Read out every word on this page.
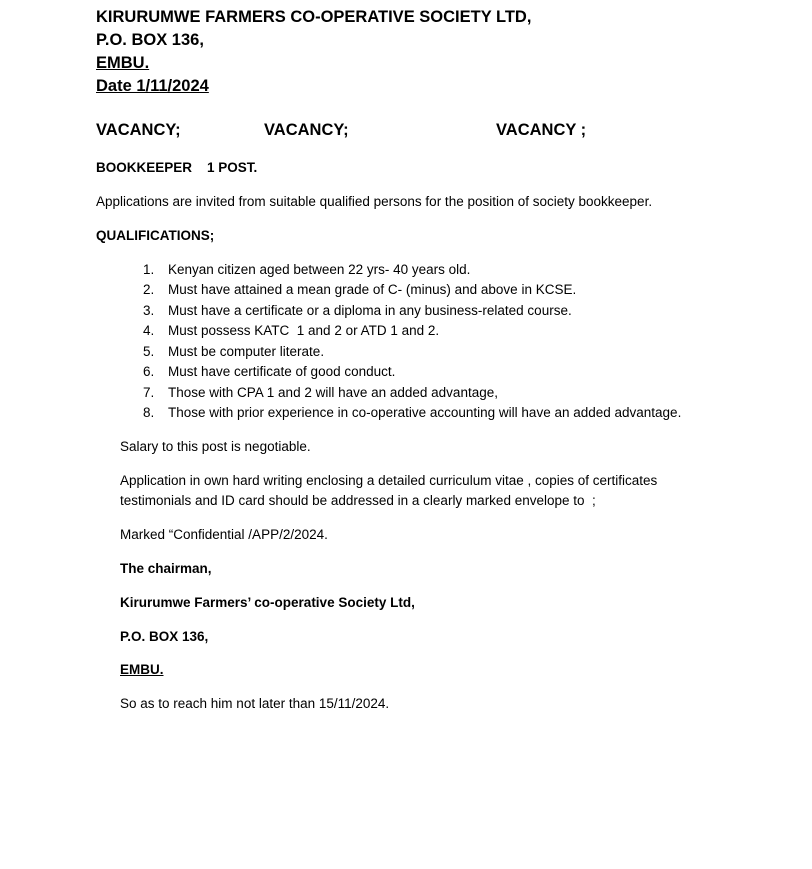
KIRURUMWE FARMERS CO-OPERATIVE SOCIETY LTD,
P.O. BOX 136,
EMBU.
Date 1/11/2024
VACANCY;	VACANCY;	VACANCY ;
BOOKKEEPER    1 POST.
Applications are invited from suitable qualified persons for the position of society bookkeeper.
QUALIFICATIONS;
1. Kenyan citizen aged between 22 yrs- 40 years old.
2. Must have attained a mean grade of C- (minus) and above in KCSE.
3. Must have a certificate or a diploma in any business-related course.
4. Must possess KATC  1 and 2 or ATD 1 and 2.
5. Must be computer literate.
6. Must have certificate of good conduct.
7. Those with CPA 1 and 2 will have an added advantage,
8. Those with prior experience in co-operative accounting will have an added advantage.
Salary to this post is negotiable.
Application in own hard writing enclosing a detailed curriculum vitae , copies of certificates
testimonials and ID card should be addressed in a clearly marked envelope to  ;
Marked “Confidential /APP/2/2024.
The chairman,
Kirurumwe Farmers’ co-operative Society Ltd,
P.O. BOX 136,
EMBU.
So as to reach him not later than 15/11/2024.
